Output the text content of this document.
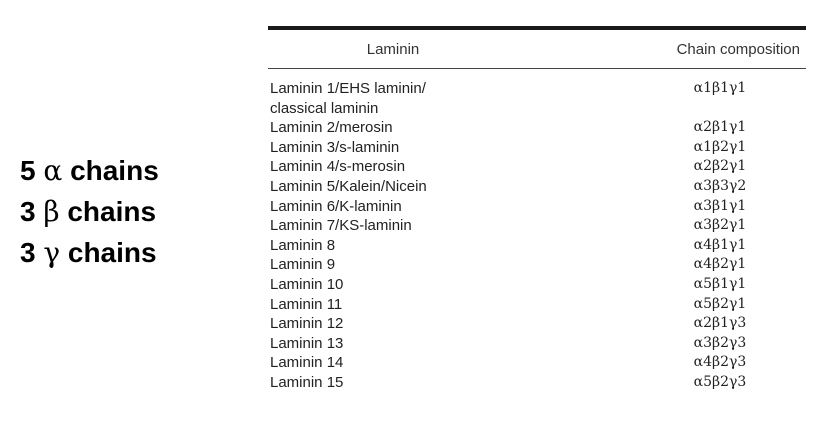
5 α chains
3 β chains
3 γ chains
Laminin	Chain composition
Laminin 1/EHS laminin/	α1β1γ1
classical laminin
Laminin 2/merosin	α2β1γ1
Laminin 3/s-laminin	α1β2γ1
Laminin 4/s-merosin	α2β2γ1
Laminin 5/Kalein/Nicein	α3β3γ2
Laminin 6/K-laminin	α3β1γ1
Laminin 7/KS-laminin	α3β2γ1
Laminin 8	α4β1γ1
Laminin 9	α4β2γ1
Laminin 10	α5β1γ1
Laminin 11	α5β2γ1
Laminin 12	α2β1γ3
Laminin 13	α3β2γ3
Laminin 14	α4β2γ3
Laminin 15	α5β2γ3
